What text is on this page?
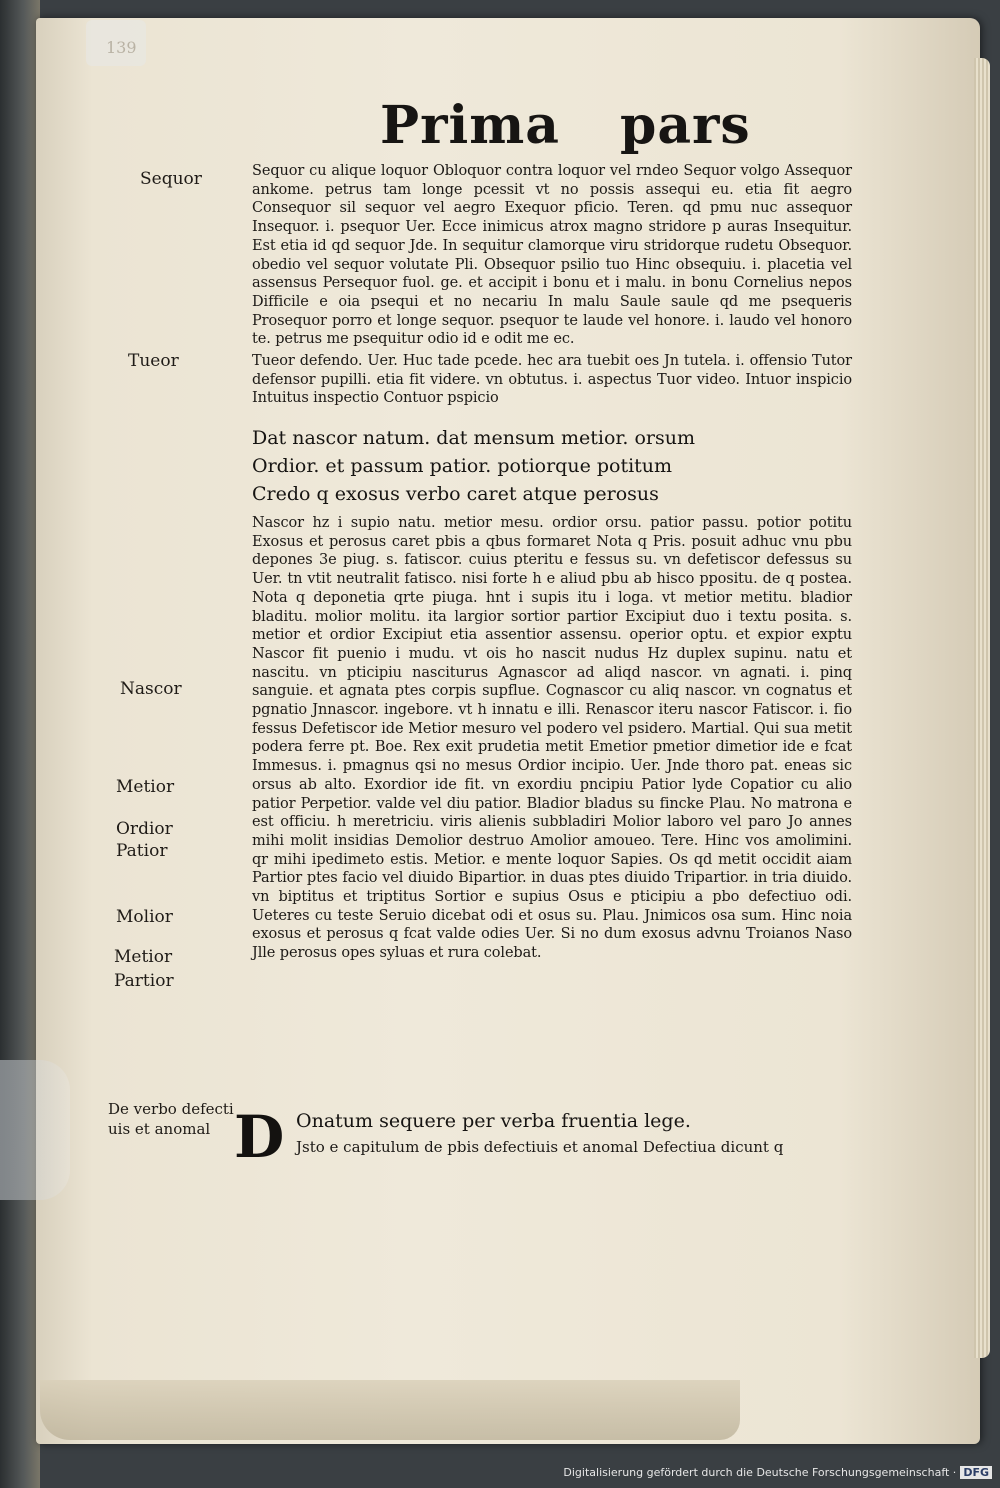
139
Prima pars
Sequor
Tueor
Nascor
Metior
Ordior
Patior
Molior
Metior
Partior
De verbo defecti
uis et anomal

Sequor cu alique loquor Obloquor contra loquor vel rndeo Sequor volgo Assequor ankome. petrus tam longe pcessit vt no possis assequi eu. etia fit aegro Consequor sil sequor vel aegro Exequor pficio. Teren. qd pmu nuc assequor Insequor. i. psequor Uer. Ecce inimicus atrox magno stridore p auras Insequitur. Est etia id qd sequor Jde. In sequitur clamorque viru stridorque rudetu Obsequor. obedio vel sequor volutate Pli. Obsequor psilio tuo Hinc obsequiu. i. placetia vel assensus Persequor fuol. ge. et accipit i bonu et i malu. in bonu Cornelius nepos Difficile e oia psequi et no necariu In malu Saule saule qd me psequeris Prosequor porro et longe sequor. psequor te laude vel honore. i. laudo vel honoro te. petrus me psequitur odio id e odit me ec.

Tueor defendo. Uer. Huc tade pcede. hec ara tuebit oes Jn tutela. i. offensio Tutor defensor pupilli. etia fit videre. vn obtutus. i. aspectus Tuor video. Intuor inspicio Intuitus inspectio Contuor pspicio

Dat nascor natum. dat mensum metior. orsum

Ordior. et passum patior. potiorque potitum

Credo q exosus verbo caret atque perosus

Nascor hz i supio natu. metior mesu. ordior orsu. patior passu. potior potitu Exosus et perosus caret pbis a qbus formaret Nota q Pris. posuit adhuc vnu pbu depones 3e piug. s. fatiscor. cuius pteritu e fessus su. vn defetiscor defessus su Uer. tn vtit neutralit fatisco. nisi forte h e aliud pbu ab hisco ppositu. de q postea. Nota q deponetia qrte piuga. hnt i supis itu i loga. vt metior metitu. bladior bladitu. molior molitu. ita largior sortior partior Excipiut duo i textu posita. s. metior et ordior Excipiut etia assentior assensu. operior optu. et expior exptu Nascor fit puenio i mudu. vt ois ho nascit nudus Hz duplex supinu. natu et nascitu. vn pticipiu nasciturus Agnascor ad aliqd nascor. vn agnati. i. pinq sanguie. et agnata ptes corpis supflue. Cognascor cu aliq nascor. vn cognatus et pgnatio Jnnascor. ingebore. vt h innatu e illi. Renascor iteru nascor Fatiscor. i. fio fessus Defetiscor ide Metior mesuro vel podero vel psidero. Martial. Qui sua metit podera ferre pt. Boe. Rex exit prudetia metit Emetior pmetior dimetior ide e fcat Immesus. i. pmagnus qsi no mesus Ordior incipio. Uer. Jnde thoro pat. eneas sic orsus ab alto. Exordior ide fit. vn exordiu pncipiu Patior lyde Copatior cu alio patior Perpetior. valde vel diu patior. Bladior bladus su fincke Plau. No matrona e est officiu. h meretriciu. viris alienis subbladiri Molior laboro vel paro Jo annes mihi molit insidias Demolior destruo Amolior amoueo. Tere. Hinc vos amolimini. qr mihi ipedimeto estis. Metior. e mente loquor Sapies. Os qd metit occidit aiam Partior ptes facio vel diuido Bipartior. in duas ptes diuido Tripartior. in tria diuido. vn biptitus et triptitus Sortior e supius Osus e pticipiu a pbo defectiuo odi. Ueteres cu teste Seruio dicebat odi et osus su. Plau. Jnimicos osa sum. Hinc noia exosus et perosus q fcat valde odies Uer. Si no dum exosus advnu Troianos Naso Jlle perosus opes syluas et rura colebat.

D Onatum sequere per verba fruentia lege.
Jsto e capitulum de pbis defectiuis et anomal Defectiua dicunt q
Digitalisierung gefördert durch die Deutsche Forschungsgemeinschaft · DFG
